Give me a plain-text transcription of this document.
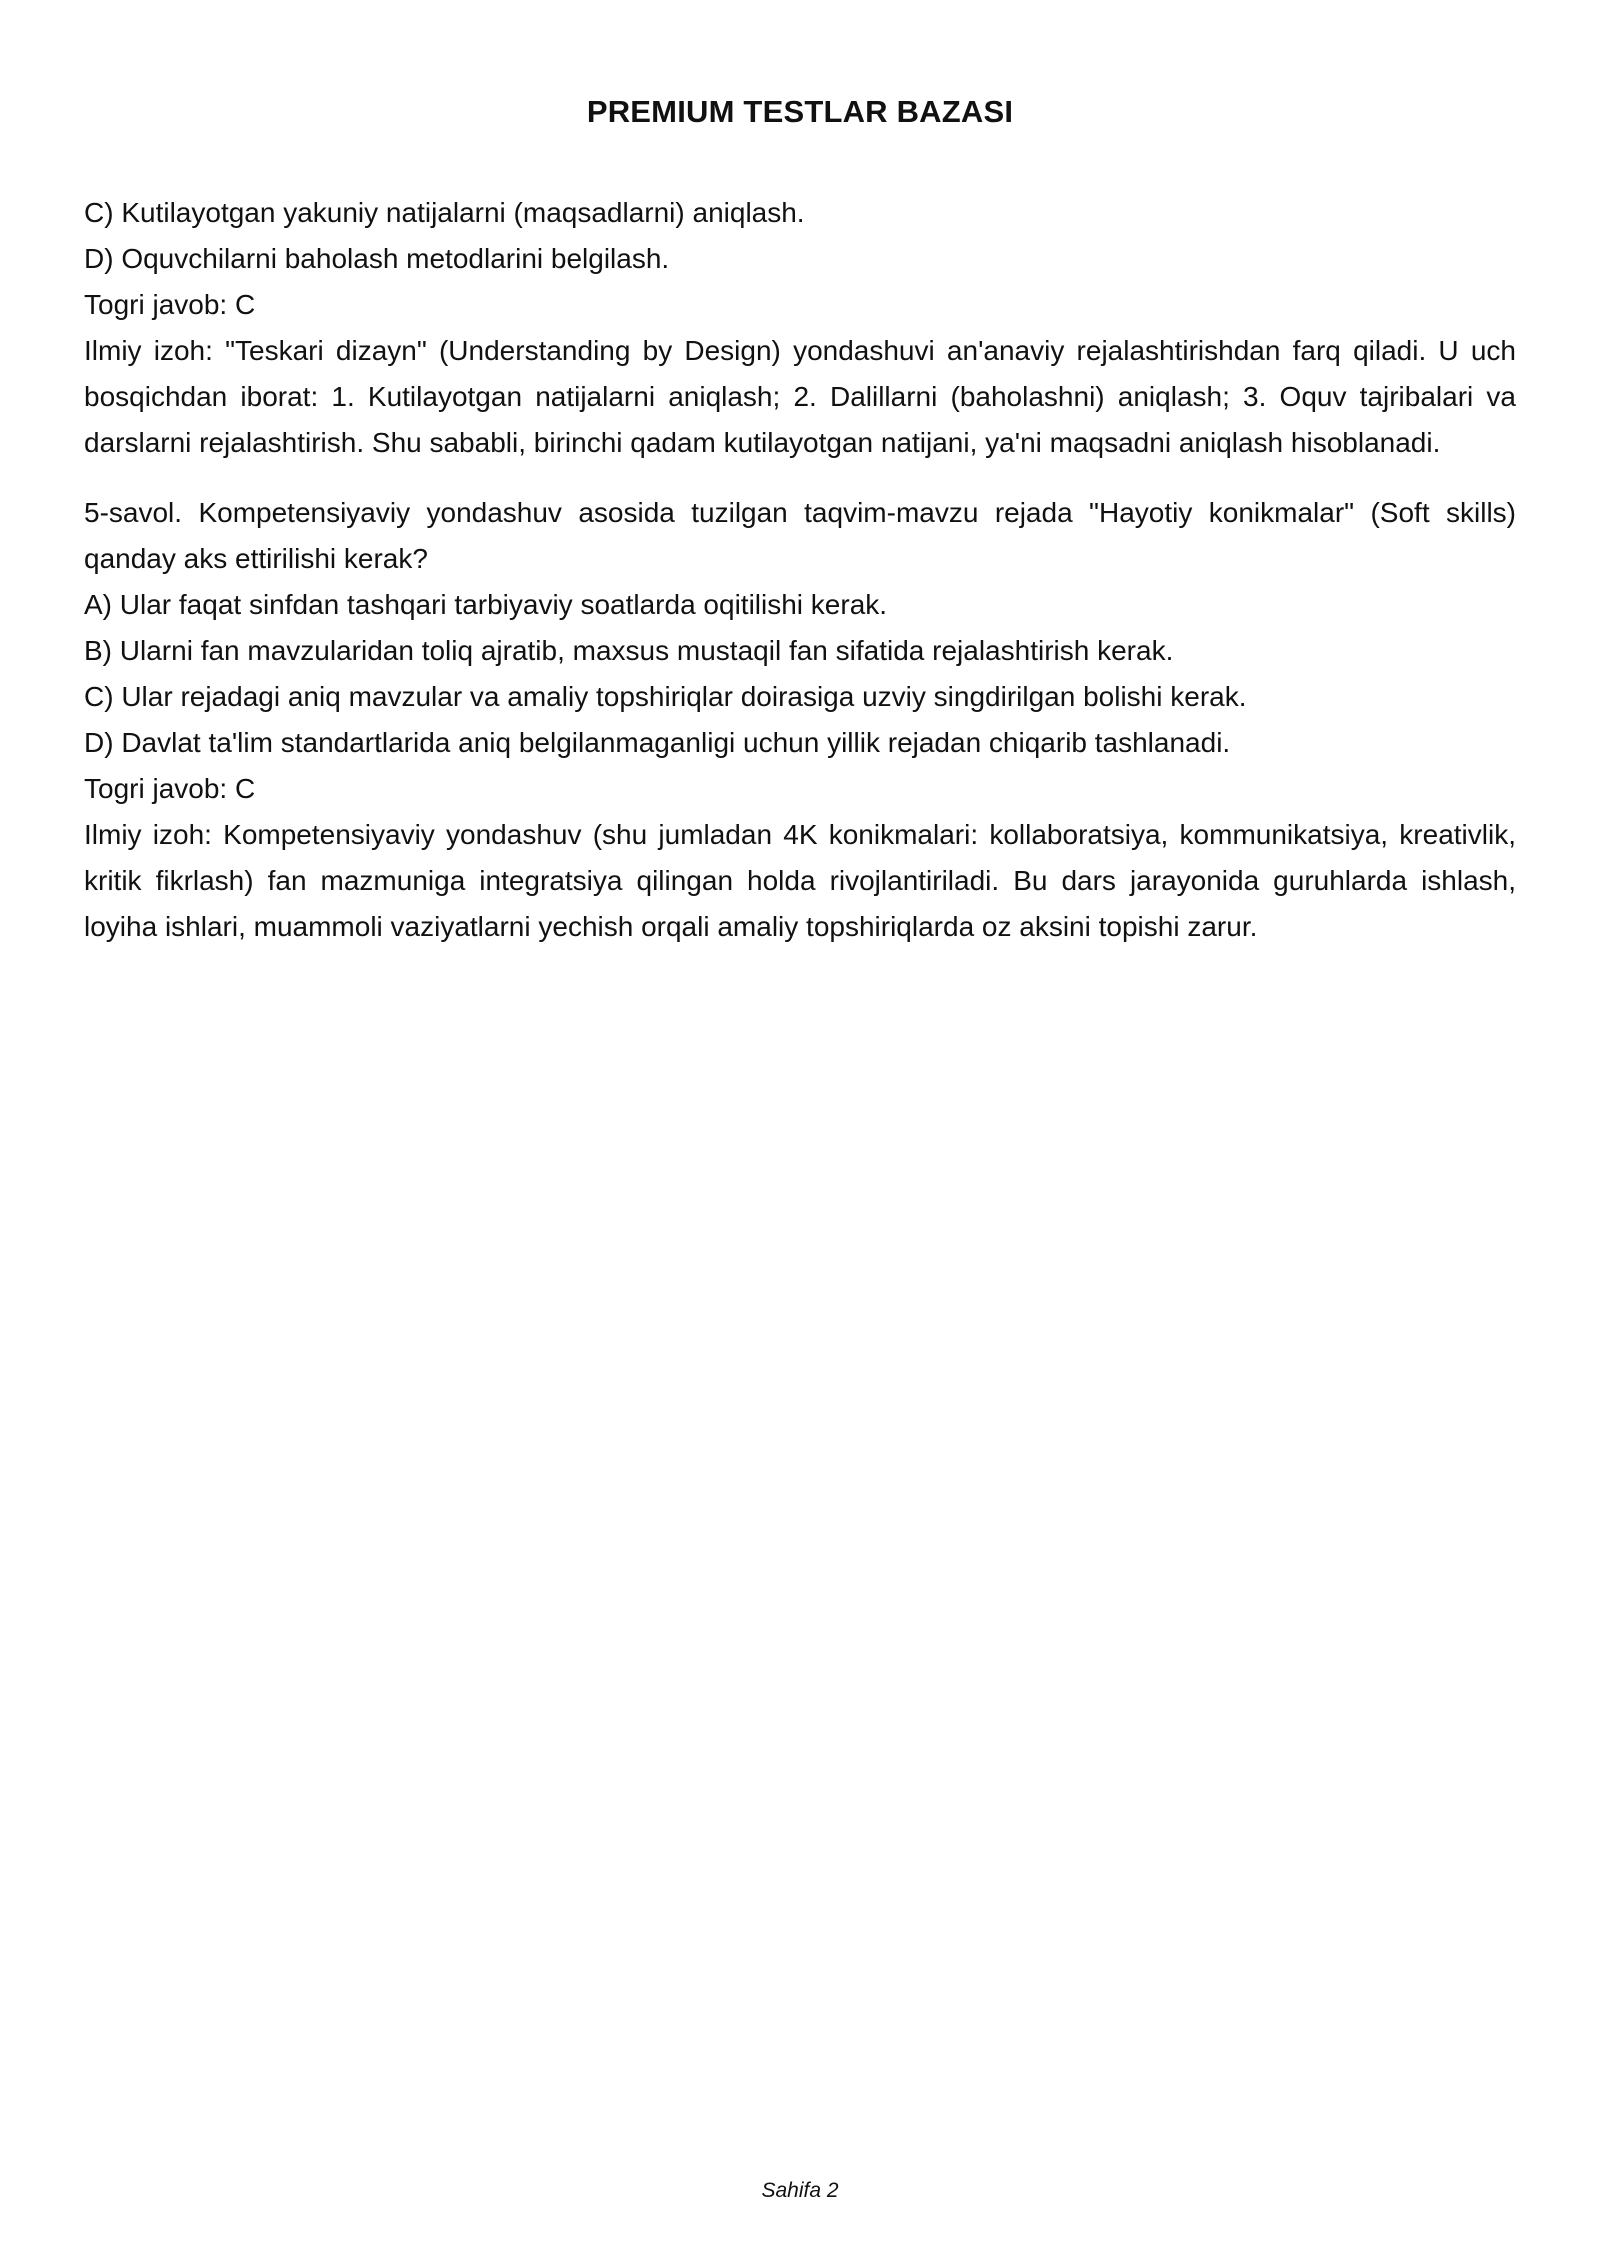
PREMIUM TESTLAR BAZASI

C) Kutilayotgan yakuniy natijalarni (maqsadlarni) aniqlash.

D) Oquvchilarni baholash metodlarini belgilash.

Togri javob: C

Ilmiy izoh: "Teskari dizayn" (Understanding by Design) yondashuvi an'anaviy rejalashtirishdan farq qiladi. U uch bosqichdan iborat: 1. Kutilayotgan natijalarni aniqlash; 2. Dalillarni (baholashni) aniqlash; 3. Oquv tajribalari va darslarni rejalashtirish. Shu sababli, birinchi qadam kutilayotgan natijani, ya'ni maqsadni aniqlash hisoblanadi.

5-savol. Kompetensiyaviy yondashuv asosida tuzilgan taqvim-mavzu rejada "Hayotiy konikmalar" (Soft skills) qanday aks ettirilishi kerak?

A) Ular faqat sinfdan tashqari tarbiyaviy soatlarda oqitilishi kerak.

B) Ularni fan mavzularidan toliq ajratib, maxsus mustaqil fan sifatida rejalashtirish kerak.

C) Ular rejadagi aniq mavzular va amaliy topshiriqlar doirasiga uzviy singdirilgan bolishi kerak.

D) Davlat ta'lim standartlarida aniq belgilanmaganligi uchun yillik rejadan chiqarib tashlanadi.

Togri javob: C

Ilmiy izoh: Kompetensiyaviy yondashuv (shu jumladan 4K konikmalari: kollaboratsiya, kommunikatsiya, kreativlik, kritik fikrlash) fan mazmuniga integratsiya qilingan holda rivojlantiriladi. Bu dars jarayonida guruhlarda ishlash, loyiha ishlari, muammoli vaziyatlarni yechish orqali amaliy topshiriqlarda oz aksini topishi zarur.

Sahifa 2
